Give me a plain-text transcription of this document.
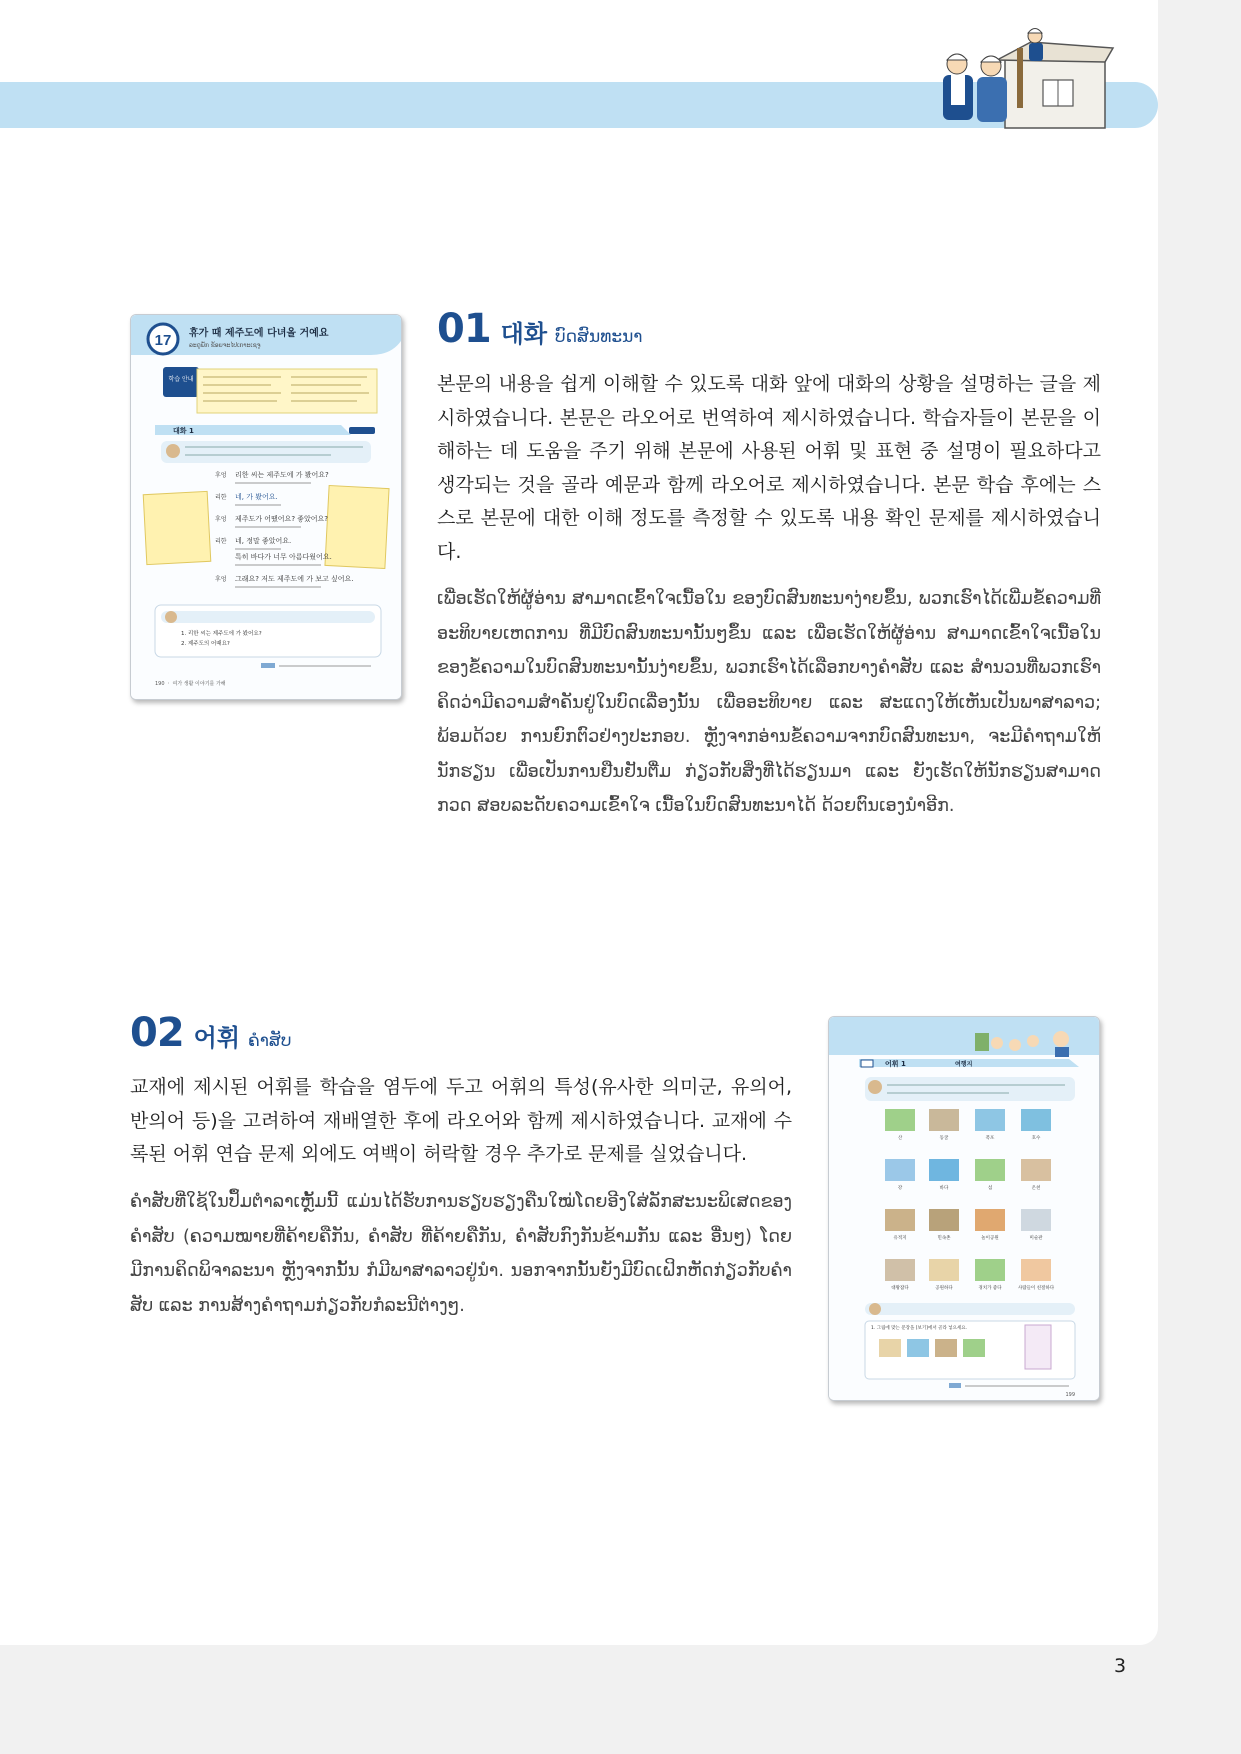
17 휴가 때 제주도에 다녀올 거예요
ລະດູພັກ ຂ້ອຍຈະໄປເກາະເຊຈູ
학습 안내
대화 1
후엉 리한 씨는 제주도에 가 봤어요?
리한 네, 가 봤어요.
후엉 제주도가 어땠어요? 좋았어요?
리한 네, 정말 좋았어요.
특히 바다가 너무 아름다웠어요.
후엉 그래요? 저도 제주도에 가 보고 싶어요.
1. 리한 씨는 제주도에 가 봤어요?
2. 제주도의 어때요?
190 ㆍ 여가 생활 이야기를 가해
01 대화 ບົດສົນທະນາ

본문의 내용을 쉽게 이해할 수 있도록 대화 앞에 대화의 상황을 설명하는 글을 제시하였습니다. 본문은 라오어로 번역하여 제시하였습니다. 학습자들이 본문을 이해하는 데 도움을 주기 위해 본문에 사용된 어휘 및 표현 중 설명이 필요하다고 생각되는 것을 골라 예문과 함께 라오어로 제시하였습니다. 본문 학습 후에는 스스로 본문에 대한 이해 정도를 측정할 수 있도록 내용 확인 문제를 제시하였습니다.

ເພື່ອເຮັດໃຫ້ຜູ້ອ່ານ ສາມາດເຂົ້າໃຈເນື້ອໃນ ຂອງບົດສົນທະນາງ່າຍຂຶ້ນ, ພວກເຮົາໄດ້ເພີ່ມຂໍ້ຄວາມທີ່ອະທິບາຍເຫດການ ທີ່ມີບົດສົນທະນານັ້ນໆຂຶ້ນ ແລະ ເພື່ອເຮັດໃຫ້ຜູ້ອ່ານ ສາມາດເຂົ້າໃຈເນື້ອໃນຂອງຂໍ້ຄວາມໃນບົດສົນທະນານັ້ນງ່າຍຂຶ້ນ, ພວກເຮົາໄດ້ເລືອກບາງຄໍາສັບ ແລະ ສໍານວນທີ່ພວກເຮົາຄິດວ່າມີຄວາມສໍາຄັນຢູ່ໃນບົດເລື່ອງນັ້ນ ເພື່ອອະທິບາຍ ແລະ ສະແດງໃຫ້ເຫັນເປັນພາສາລາວ; ພ້ອມດ້ວຍ ການຍົກຕົວຢ່າງປະກອບ. ຫຼັງຈາກອ່ານຂໍ້ຄວາມຈາກບົດສົນທະນາ, ຈະມີຄໍາຖາມໃຫ້ນັກຮຽນ ເພື່ອເປັນການຢືນຢັນຕື່ມ ກ່ຽວກັບສິ່ງທີ່ໄດ້ຮຽນມາ ແລະ ຍັງເຮັດໃຫ້ນັກຮຽນສາມາດກວດ ສອບລະດັບຄວາມເຂົ້າໃຈ ເນື້ອໃນບົດສົນທະນາໄດ້ ດ້ວຍຕົນເອງນໍາອີກ.

02 어휘 ຄໍາສັບ

교재에 제시된 어휘를 학습을 염두에 두고 어휘의 특성(유사한 의미군, 유의어, 반의어 등)을 고려하여 재배열한 후에 라오어와 함께 제시하였습니다. 교재에 수록된 어휘 연습 문제 외에도 여백이 허락할 경우 추가로 문제를 실었습니다.

ຄໍາສັບທີ່ໃຊ້ໃນປຶ້ມຕໍາລາເຫຼັ້ມນີ້ ແມ່ນໄດ້ຮັບການຮຽບຮຽງຄືນໃໝ່ໂດຍອີງໃສ່ລັກສະນະພິເສດຂອງຄໍາສັບ (ຄວາມໝາຍທີ່ຄ້າຍຄືກັນ, ຄໍາສັບ ທີ່ຄ້າຍຄືກັນ, ຄໍາສັບກົງກັນຂ້າມກັນ ແລະ ອື່ນໆ) ໂດຍມີການຄິດພິຈາລະນາ ຫຼັງຈາກນັ້ນ ກໍມີພາສາລາວຢູ່ນໍາ. ນອກຈາກນັ້ນຍັງມີບົດເຝິກຫັດກ່ຽວກັບຄໍາສັບ ແລະ ການສ້າງຄໍາຖາມກ່ຽວກັບກໍລະນີຕ່າງໆ.

어휘 1	여행지
산	동굴	폭포	호수
강	바다	섬	온천
유적지	민속촌	놀이공원	미술관
대왕잡다	공원하다	경치가 좋다	사람들이 친절하다
1. 그림에 맞는 문장을 [보기]에서 골라 넣으세요.
199
3
